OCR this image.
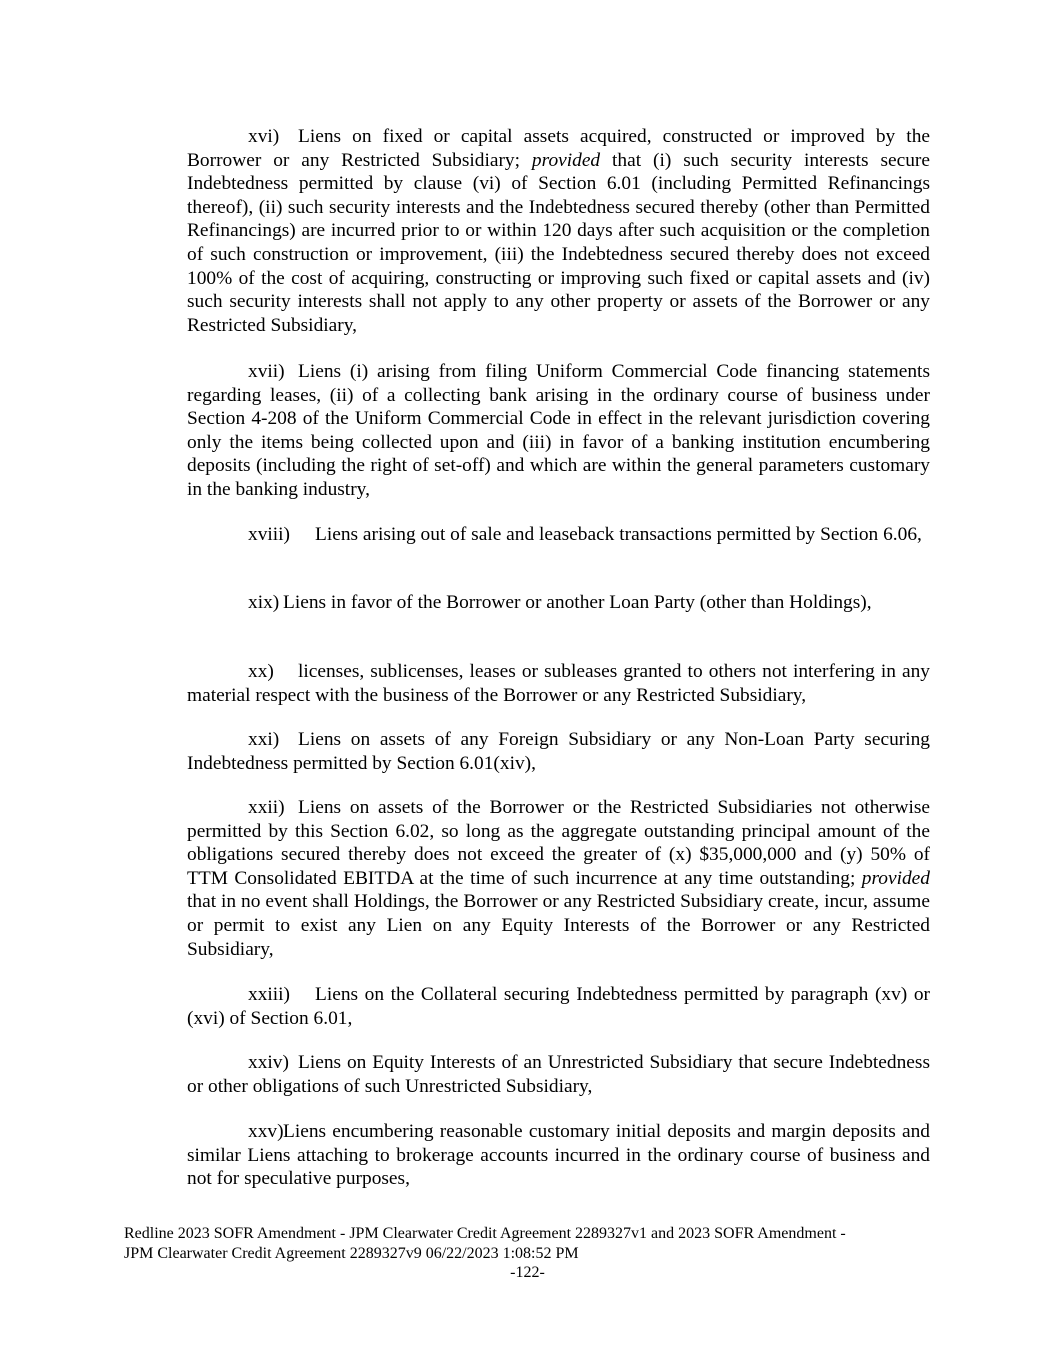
xvi) Liens on fixed or capital assets acquired, constructed or improved by the Borrower or any Restricted Subsidiary; provided that (i) such security interests secure Indebtedness permitted by clause (vi) of Section 6.01 (including Permitted Refinancings thereof), (ii) such security interests and the Indebtedness secured thereby (other than Permitted Refinancings) are incurred prior to or within 120 days after such acquisition or the completion of such construction or improvement, (iii) the Indebtedness secured thereby does not exceed 100% of the cost of acquiring, constructing or improving such fixed or capital assets and (iv) such security interests shall not apply to any other property or assets of the Borrower or any Restricted Subsidiary,

xvii) Liens (i) arising from filing Uniform Commercial Code financing statements regarding leases, (ii) of a collecting bank arising in the ordinary course of business under Section 4-208 of the Uniform Commercial Code in effect in the relevant jurisdiction covering only the items being collected upon and (iii) in favor of a banking institution encumbering deposits (including the right of set-off) and which are within the general parameters customary in the banking industry,

xviii) Liens arising out of sale and leaseback transactions permitted by Section 6.06,

xix) Liens in favor of the Borrower or another Loan Party (other than Holdings),

xx) licenses, sublicenses, leases or subleases granted to others not interfering in any material respect with the business of the Borrower or any Restricted Subsidiary,

xxi) Liens on assets of any Foreign Subsidiary or any Non-Loan Party securing Indebtedness permitted by Section 6.01(xiv),

xxii) Liens on assets of the Borrower or the Restricted Subsidiaries not otherwise permitted by this Section 6.02, so long as the aggregate outstanding principal amount of the obligations secured thereby does not exceed the greater of (x) $35,000,000 and (y) 50% of TTM Consolidated EBITDA at the time of such incurrence at any time outstanding; provided that in no event shall Holdings, the Borrower or any Restricted Subsidiary create, incur, assume or permit to exist any Lien on any Equity Interests of the Borrower or any Restricted Subsidiary,

xxiii) Liens on the Collateral securing Indebtedness permitted by paragraph (xv) or (xvi) of Section 6.01,

xxiv) Liens on Equity Interests of an Unrestricted Subsidiary that secure Indebtedness or other obligations of such Unrestricted Subsidiary,

xxv)Liens encumbering reasonable customary initial deposits and margin deposits and similar Liens attaching to brokerage accounts incurred in the ordinary course of business and not for speculative purposes,

Redline 2023 SOFR Amendment - JPM Clearwater Credit Agreement 2289327v1 and 2023 SOFR Amendment -
JPM Clearwater Credit Agreement 2289327v9 06/22/2023 1:08:52 PM
-122-
